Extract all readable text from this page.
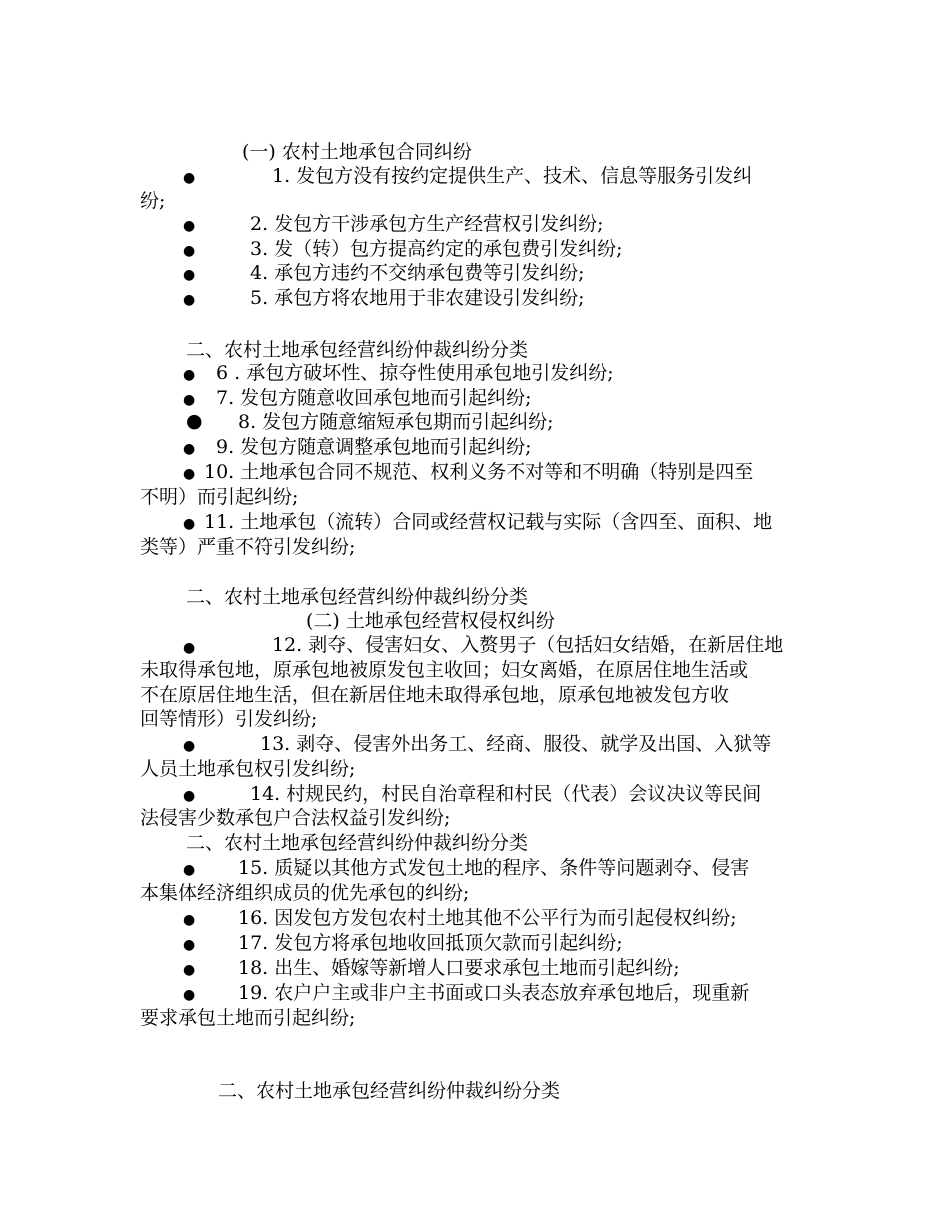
(一) 农村土地承包合同纠纷
●	1. 发包方没有按约定提供生产、技术、信息等服务引发纠
纷;
●	2. 发包方干涉承包方生产经营权引发纠纷;
●	3. 发（转）包方提高约定的承包费引发纠纷;
●	4. 承包方违约不交纳承包费等引发纠纷;
●	5. 承包方将农地用于非农建设引发纠纷;
二、农村土地承包经营纠纷仲裁纠纷分类
● 6 . 承包方破坏性、掠夺性使用承包地引发纠纷;
● 7. 发包方随意收回承包地而引起纠纷;
● 8. 发包方随意缩短承包期而引起纠纷;
● 9. 发包方随意调整承包地而引起纠纷;
● 10. 土地承包合同不规范、权利义务不对等和不明确（特别是四至
不明）而引起纠纷;
● 11. 土地承包（流转）合同或经营权记载与实际（含四至、面积、地
类等）严重不符引发纠纷;
二、农村土地承包经营纠纷仲裁纠纷分类
(二) 土地承包经营权侵权纠纷
●	12. 剥夺、侵害妇女、入赘男子（包括妇女结婚，在新居住地
未取得承包地，原承包地被原发包主收回；妇女离婚，在原居住地生活或
不在原居住地生活，但在新居住地未取得承包地，原承包地被发包方收
回等情形）引发纠纷;
●	13. 剥夺、侵害外出务工、经商、服役、就学及出国、入狱等
人员土地承包权引发纠纷;
●	14. 村规民约，村民自治章程和村民（代表）会议决议等民间
法侵害少数承包户合法权益引发纠纷;
二、农村土地承包经营纠纷仲裁纠纷分类
● 15. 质疑以其他方式发包土地的程序、条件等问题剥夺、侵害
本集体经济组织成员的优先承包的纠纷;
● 16. 因发包方发包农村土地其他不公平行为而引起侵权纠纷;
● 17. 发包方将承包地收回抵顶欠款而引起纠纷;
● 18. 出生、婚嫁等新增人口要求承包土地而引起纠纷;
● 19. 农户户主或非户主书面或口头表态放弃承包地后，现重新
要求承包土地而引起纠纷;
二、农村土地承包经营纠纷仲裁纠纷分类
